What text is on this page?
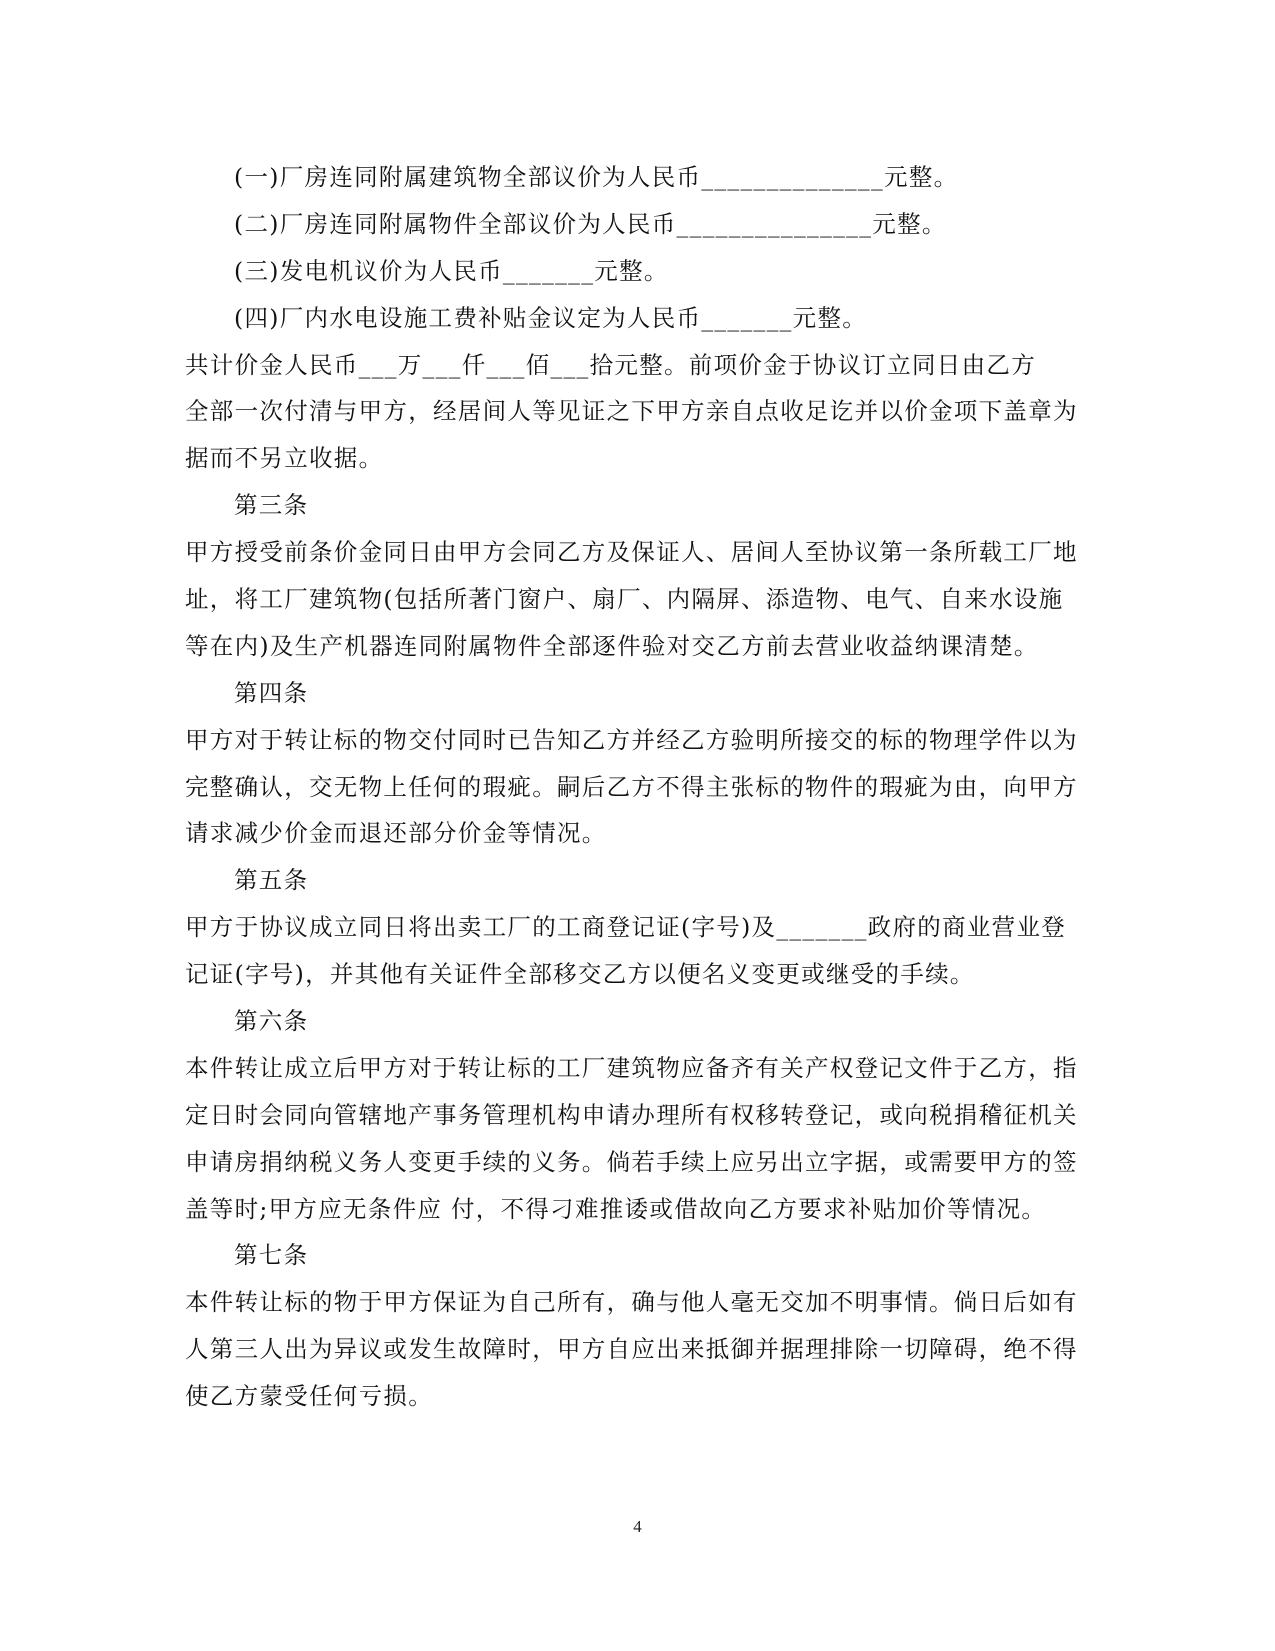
(一)厂房连同附属建筑物全部议价为人民币______________元整。
(二)厂房连同附属物件全部议价为人民币_______________元整。
(三)发电机议价为人民币_______元整。
(四)厂内水电设施工费补贴金议定为人民币_______元整。
共计价金人民币___万___仟___佰___拾元整。前项价金于协议订立同日由乙方
全部一次付清与甲方，经居间人等见证之下甲方亲自点收足讫并以价金项下盖章为
据而不另立收据。
第三条
甲方授受前条价金同日由甲方会同乙方及保证人、居间人至协议第一条所载工厂地
址，将工厂建筑物(包括所著门窗户、扇厂、内隔屏、添造物、电气、自来水设施
等在内)及生产机器连同附属物件全部逐件验对交乙方前去营业收益纳课清楚。
第四条
甲方对于转让标的物交付同时已告知乙方并经乙方验明所接交的标的物理学件以为
完整确认，交无物上任何的瑕疵。嗣后乙方不得主张标的物件的瑕疵为由，向甲方
请求减少价金而退还部分价金等情况。
第五条
甲方于协议成立同日将出卖工厂的工商登记证(字号)及_______政府的商业营业登
记证(字号)，并其他有关证件全部移交乙方以便名义变更或继受的手续。
第六条
本件转让成立后甲方对于转让标的工厂建筑物应备齐有关产权登记文件于乙方，指
定日时会同向管辖地产事务管理机构申请办理所有权移转登记，或向税捐稽征机关
申请房捐纳税义务人变更手续的义务。倘若手续上应另出立字据，或需要甲方的签
盖等时;甲方应无条件应 付，不得刁难推诿或借故向乙方要求补贴加价等情况。
第七条
本件转让标的物于甲方保证为自己所有，确与他人毫无交加不明事情。倘日后如有
人第三人出为异议或发生故障时，甲方自应出来抵御并据理排除一切障碍，绝不得
使乙方蒙受任何亏损。
4
